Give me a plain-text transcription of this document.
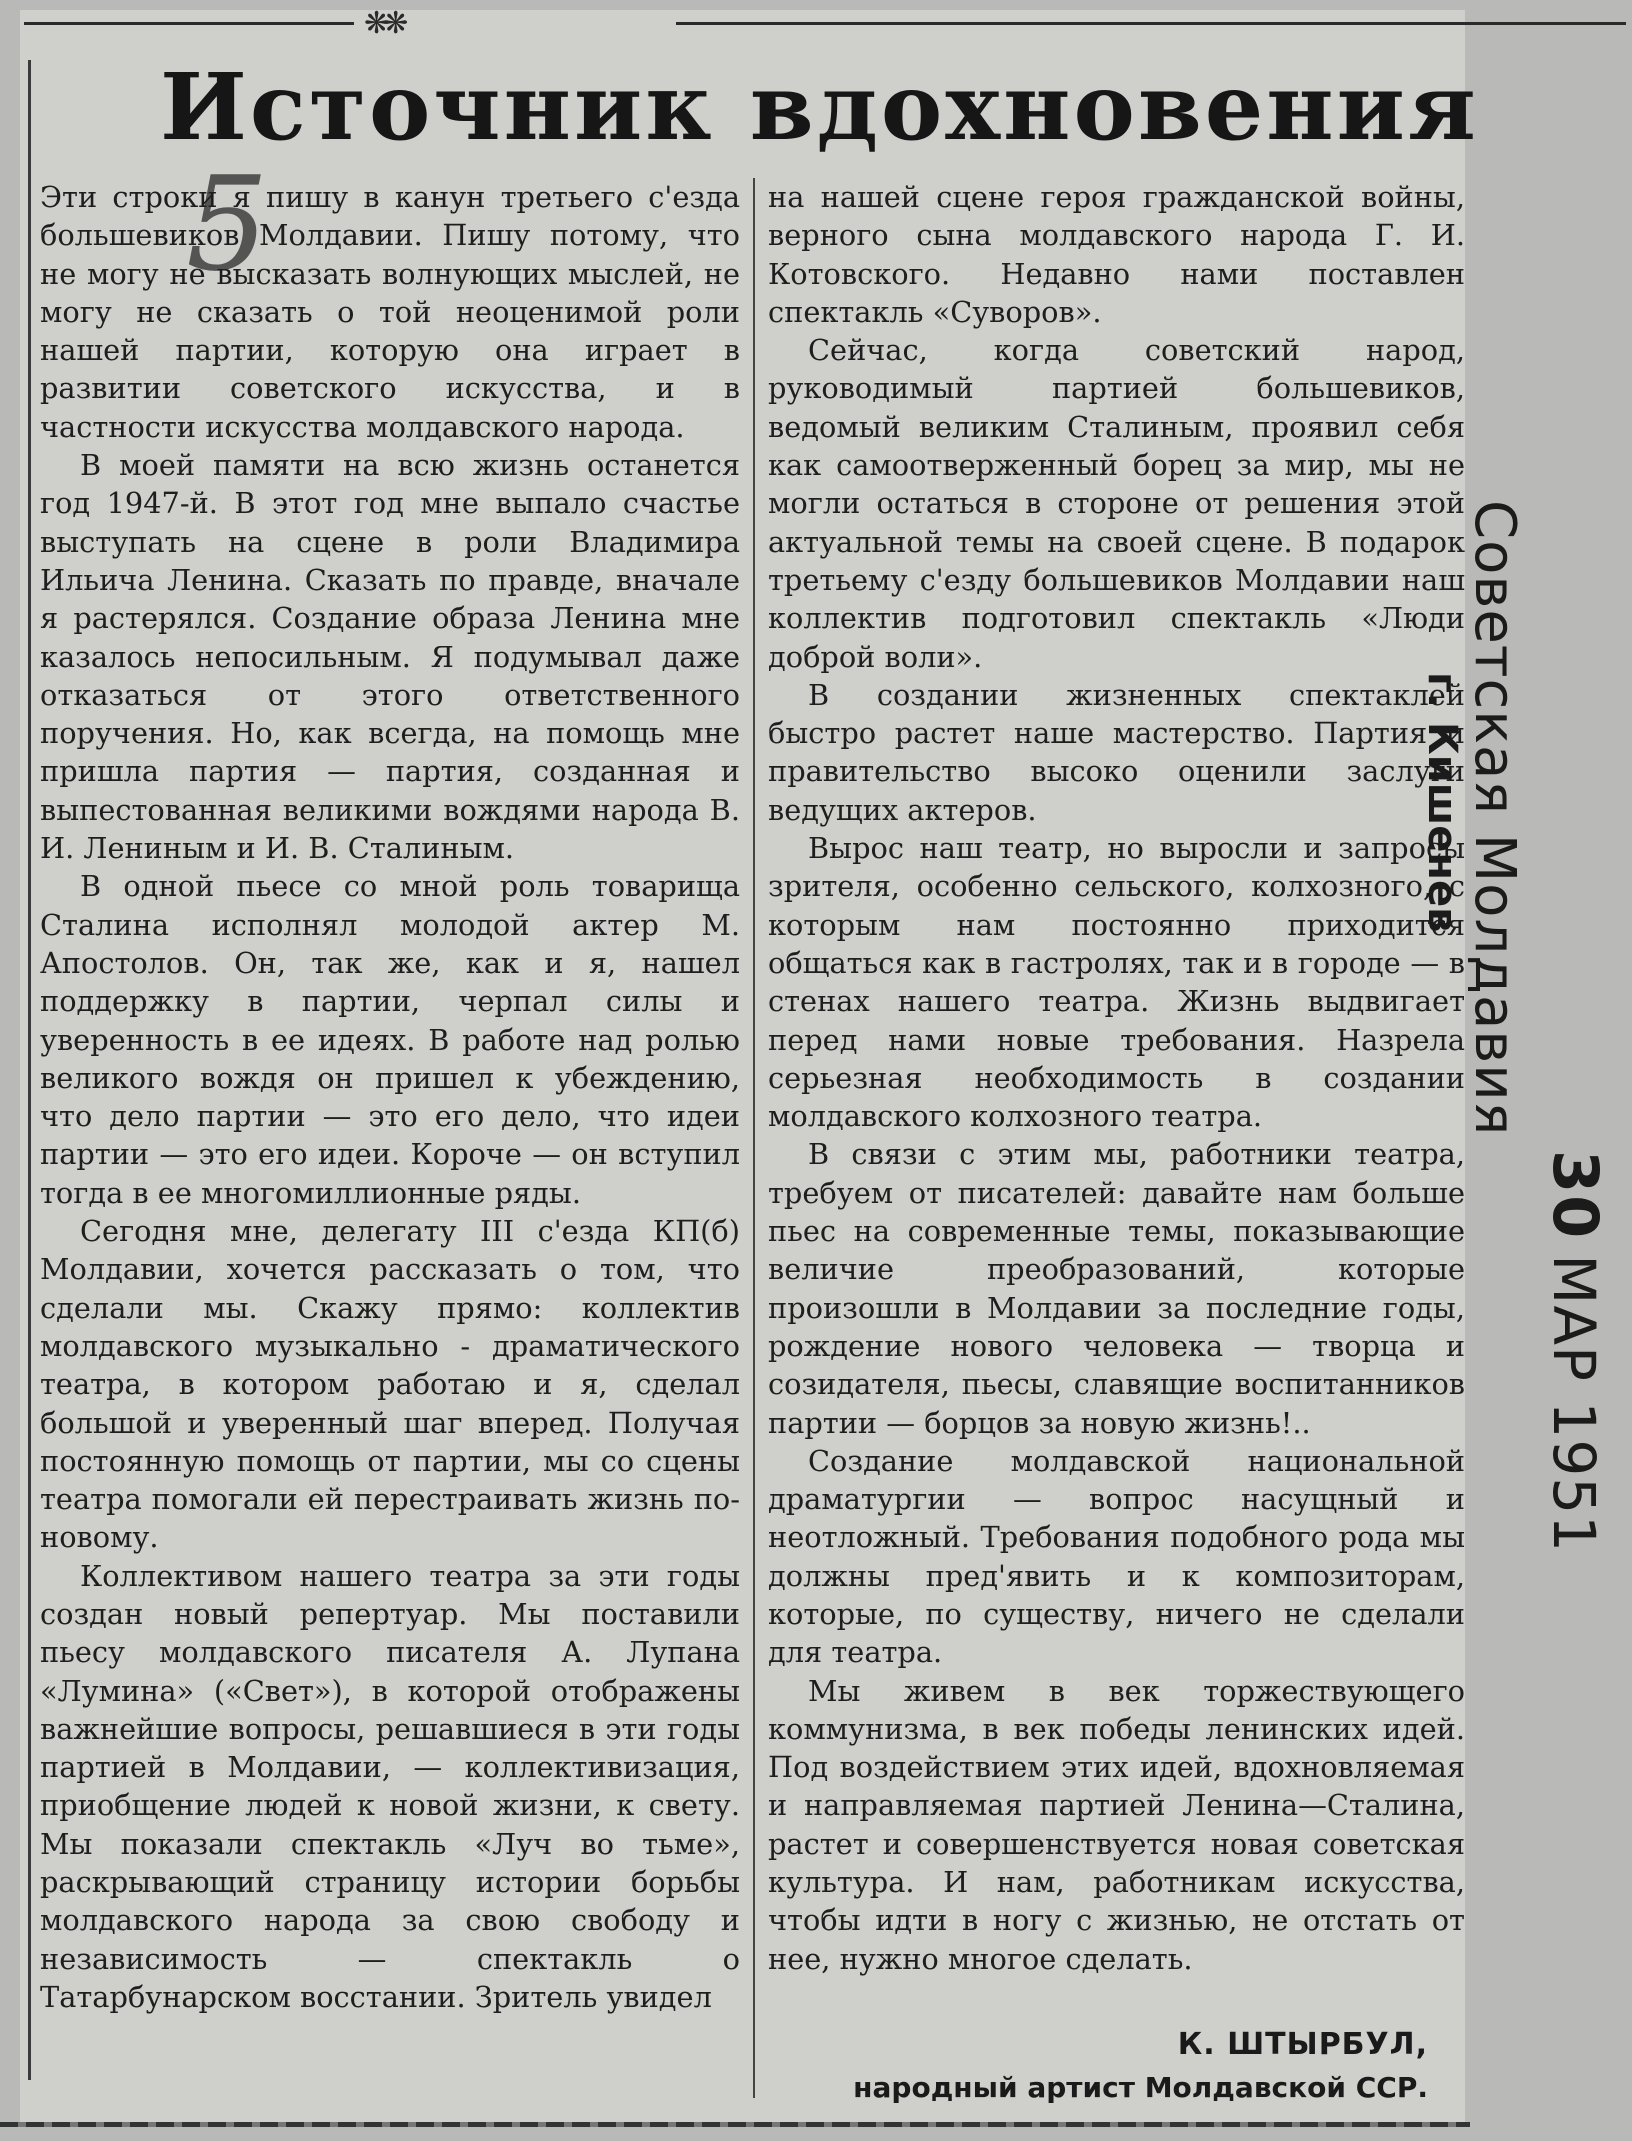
❋❋
Источник вдохновения
5

Эти строки я пишу в канун третьего с'езда большевиков Молдавии. Пишу потому, что не могу не высказать волнующих мыслей, не могу не сказать о той неоценимой роли нашей партии, которую она играет в развитии советского искусства, и в частности искусства молдавского народа.

В моей памяти на всю жизнь останется год 1947-й. В этот год мне выпало счастье выступать на сцене в роли Владимира Ильича Ленина. Сказать по правде, вначале я растерялся. Создание образа Ленина мне казалось непосильным. Я подумывал даже отказаться от этого ответственного поручения. Но, как всегда, на помощь мне пришла партия — партия, созданная и выпестованная великими вождями народа В. И. Лениным и И. В. Сталиным.

В одной пьесе со мной роль товарища Сталина исполнял молодой актер М. Апостолов. Он, так же, как и я, нашел поддержку в партии, черпал силы и уверенность в ее идеях. В работе над ролью великого вождя он пришел к убеждению, что дело партии — это его дело, что идеи партии — это его идеи. Короче — он вступил тогда в ее многомиллионные ряды.

Сегодня мне, делегату III с'езда КП(б) Молдавии, хочется рассказать о том, что сделали мы. Скажу прямо: коллектив молдавского музыкально - драматического театра, в котором работаю и я, сделал большой и уверенный шаг вперед. Получая постоянную помощь от партии, мы со сцены театра помогали ей перестраивать жизнь по-новому.

Коллективом нашего театра за эти годы создан новый репертуар. Мы поставили пьесу молдавского писателя А. Лупана «Лумина» («Свет»), в которой отображены важнейшие вопросы, решавшиеся в эти годы партией в Молдавии, — коллективизация, приобщение людей к новой жизни, к свету. Мы показали спектакль «Луч во тьме», раскрывающий страницу истории борьбы молдавского народа за свою свободу и независимость — спектакль о Татарбунарском восстании. Зритель увидел

на нашей сцене героя гражданской войны, верного сына молдавского народа Г. И. Котовского. Недавно нами поставлен спектакль «Суворов».

Сейчас, когда советский народ, руководимый партией большевиков, ведомый великим Сталиным, проявил себя как самоотверженный борец за мир, мы не могли остаться в стороне от решения этой актуальной темы на своей сцене. В подарок третьему с'езду большевиков Молдавии наш коллектив подготовил спектакль «Люди доброй воли».

В создании жизненных спектаклей быстро растет наше мастерство. Партия и правительство высоко оценили заслуги ведущих актеров.

Вырос наш театр, но выросли и запросы зрителя, особенно сельского, колхозного, с которым нам постоянно приходится общаться как в гастролях, так и в городе — в стенах нашего театра. Жизнь выдвигает перед нами новые требования. Назрела серьезная необходимость в создании молдавского колхозного театра.

В связи с этим мы, работники театра, требуем от писателей: давайте нам больше пьес на современные темы, показывающие величие преобразований, которые произошли в Молдавии за последние годы, рождение нового человека — творца и созидателя, пьесы, славящие воспитанников партии — борцов за новую жизнь!..

Создание молдавской национальной драматургии — вопрос насущный и неотложный. Требования подобного рода мы должны пред'явить и к композиторам, которые, по существу, ничего не сделали для театра.

Мы живем в век торжествующего коммунизма, в век победы ленинских идей. Под воздействием этих идей, вдохновляемая и направляемая партией Ленина—Сталина, растет и совершенствуется новая советская культура. И нам, работникам искусства, чтобы идти в ногу с жизнью, не отстать от нее, нужно многое сделать.

К. ШТЫРБУЛ,
народный артист Молдавской ССР.
Советская Молдавия
г. Кишенев
30МАР 1951
